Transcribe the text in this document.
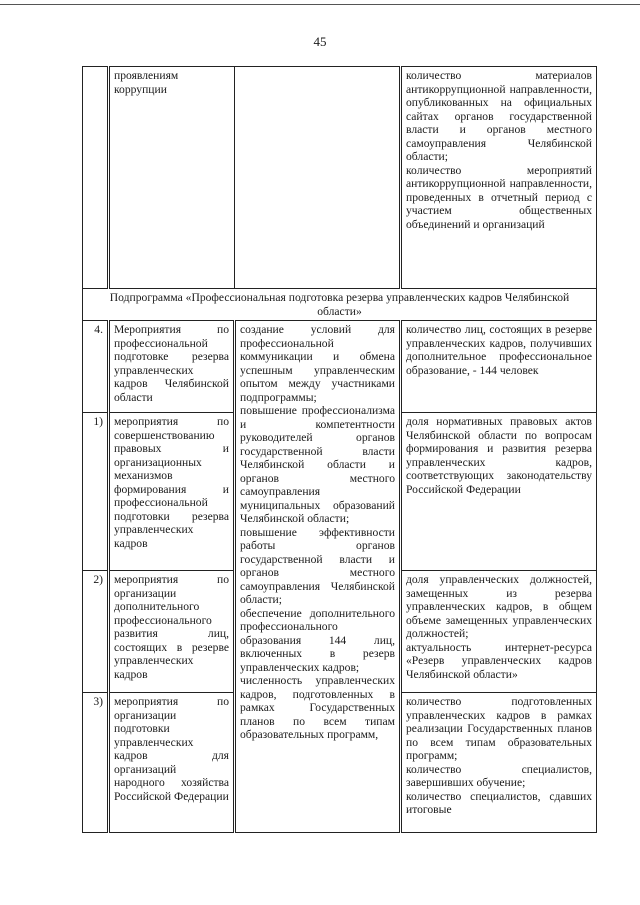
45

	проявлениям коррупции		количество материалов антикоррупционной направленности, опубликованных на официальных сайтах органов государственной власти и органов местного самоуправления Челябинской области;
количество мероприятий антикоррупционной направленности, проведенных в отчетный период с участием общественных объединений и организаций

Подпрограмма «Профессиональная подготовка резерва управленческих кадров Челябинской области»			
4.	Мероприятия по профессиональной подготовке резерва управленческих кадров Челябинской области	создание условий для профессиональной коммуникации и обмена успешным управленческим опытом между участниками подпрограммы;
повышение профессионализма и компетентности руководителей органов государственной власти Челябинской области и органов местного самоуправления муниципальных образований Челябинской области;
повышение эффективности работы органов государственной власти и органов местного самоуправления Челябинской области;
обеспечение дополнительного профессионального образования 144 лиц, включенных в резерв управленческих кадров;
численность управленческих кадров, подготовленных в рамках Государственных планов по всем типам образовательных программ,	количество лиц, состоящих в резерве управленческих кадров, получивших дополнительное профессиональное образование, - 144 человек

1)	мероприятия по совершенствованию правовых и организационных механизмов формирования и профессиональной подготовки резерва управленческих кадров		доля нормативных правовых актов Челябинской области по вопросам формирования и развития резерва управленческих кадров, соответствующих законодательству Российской Федерации

2)	мероприятия по организации дополнительного профессионального развития лиц, состоящих в резерве управленческих кадров		доля управленческих должностей, замещенных из резерва управленческих кадров, в общем объеме замещенных управленческих должностей;
актуальность интернет-ресурса «Резерв управленческих кадров Челябинской области»

3)	мероприятия по организации подготовки управленческих кадров для организаций народного хозяйства Российской Федерации		количество подготовленных управленческих кадров в рамках реализации Государственных планов по всем типам образовательных программ;
количество специалистов, завершивших обучение;
количество специалистов, сдавших итоговые
